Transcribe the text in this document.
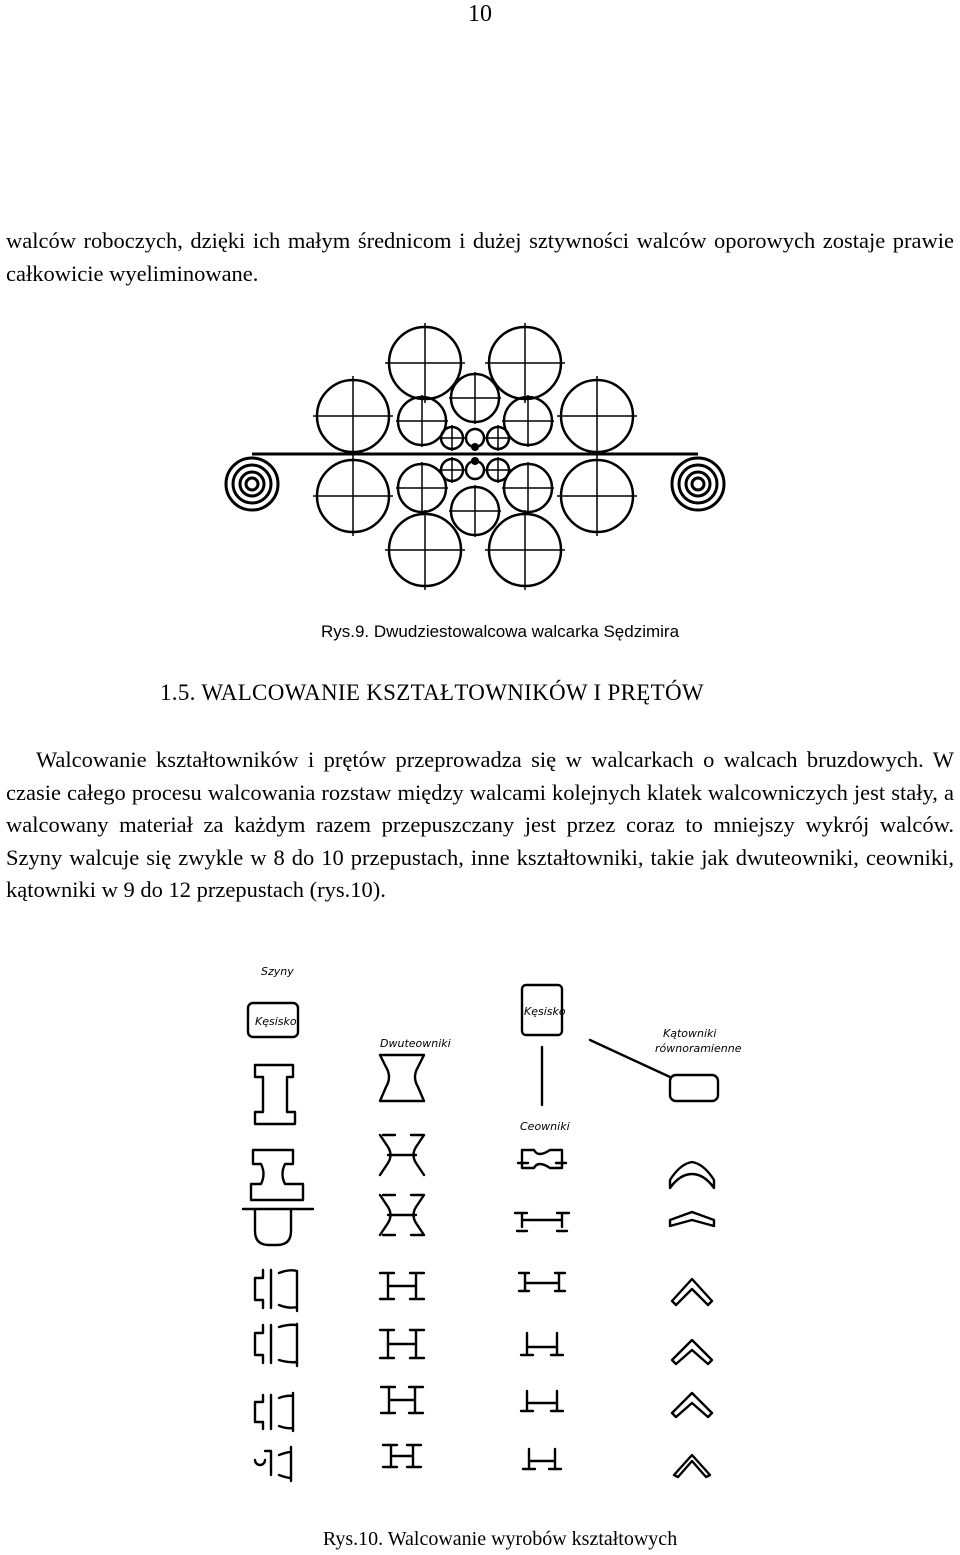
10

walców roboczych, dzięki ich małym średnicom i dużej sztywności walców oporowych zostaje prawie całkowicie wyeliminowane.

Rys.9. Dwudziestowalcowa walcarka Sędzimira
1.5. WALCOWANIE KSZTAŁTOWNIKÓW I PRĘTÓW

Walcowanie kształtowników i prętów przeprowadza się w walcarkach o walcach bruzdowych. W czasie całego procesu walcowania rozstaw między walcami kolejnych klatek walcowniczych jest stały, a walcowany materiał za każdym razem przepuszczany jest przez coraz to mniejszy wykrój walców. Szyny walcuje się zwykle w 8 do 10 przepustach, inne kształtowniki, takie jak dwuteowniki, ceowniki, kątowniki w 9 do 12 przepustach (rys.10).

Szyny
Kęsisko
Dwuteowniki
Kęsisko
Ceowniki
Kątowniki
równoramienne
Rys.10. Walcowanie wyrobów kształtowych
